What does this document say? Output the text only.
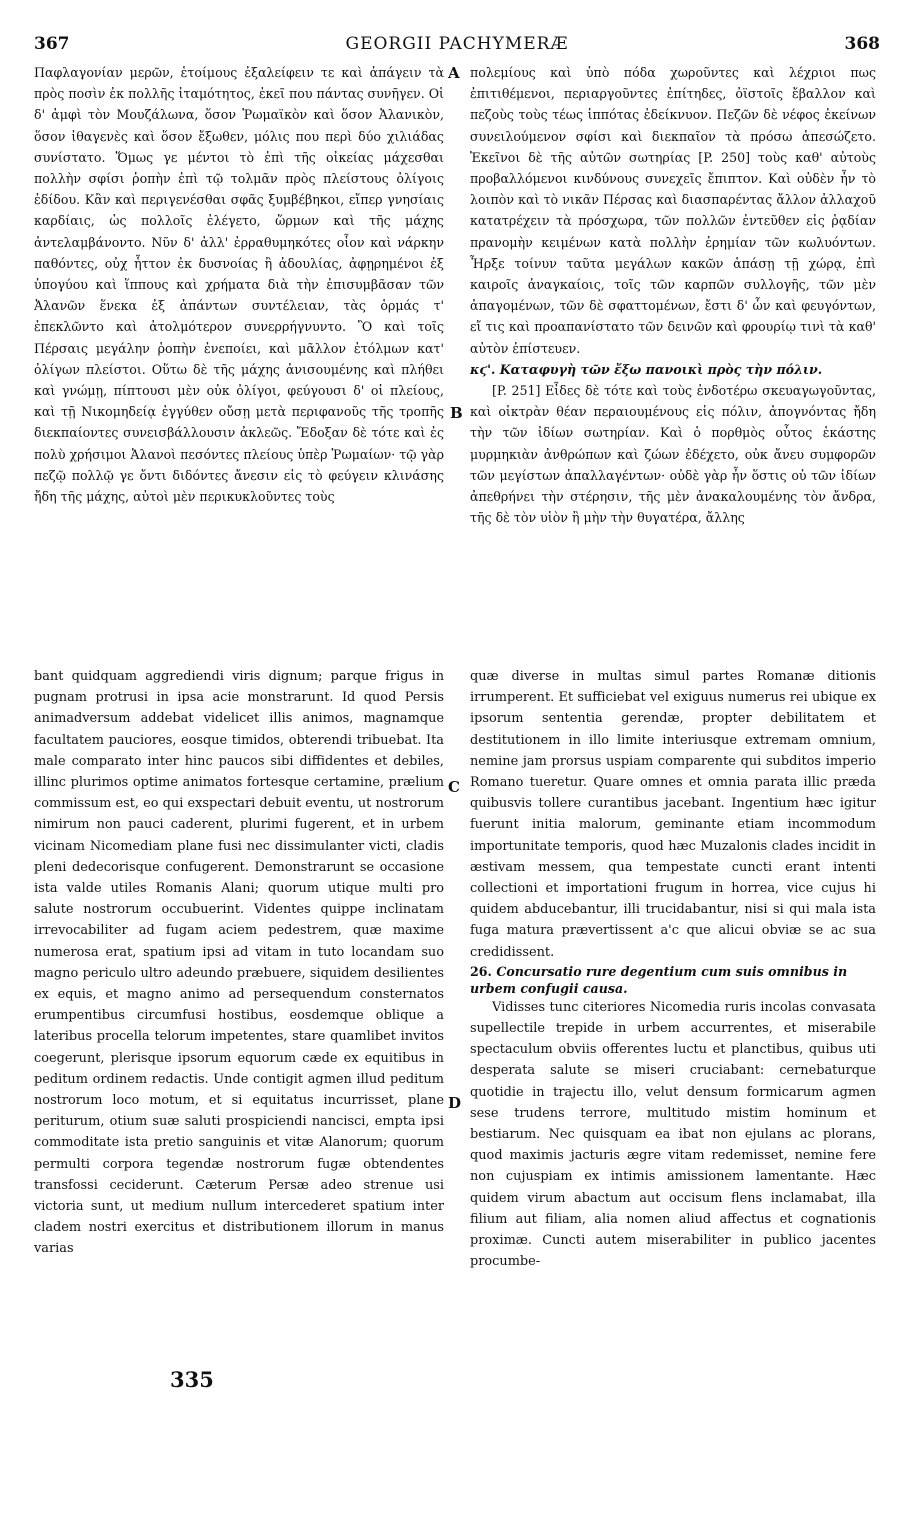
367	GEORGII PACHYMERÆ	368

Παφλαγονίαν μερῶν, ἑτοίμους ἐξαλείφειν τε καὶ ἀπάγειν τὰ πρὸς ποσὶν ἐκ πολλῆς ἰταμότητος, ἐκεῖ που πάντας συνῆγεν. Οἱ δ' ἀμφὶ τὸν Μουζάλωνα, ὅσον Ῥωμαϊκὸν καὶ ὅσον Ἀλανικὸν, ὅσον ἰθαγενὲς καὶ ὅσον ἔξωθεν, μόλις που περὶ δύο χιλιάδας συνίστατο. Ὅμως γε μέντοι τὸ ἐπὶ τῆς οἰκείας μάχεσθαι πολλὴν σφίσι ῥοπὴν ἐπὶ τῷ τολμᾶν πρὸς πλείστους ὀλίγοις ἐδίδου. Κἂν καὶ περιγενέσθαι σφᾶς ξυμβέβηκοι, εἴπερ γνησίαις καρδίαις, ὡς πολλοῖς ἐλέγετο, ὥρμων καὶ τῆς μάχης ἀντελαμβάνοντο. Νῦν δ' ἀλλ' ἐρραθυμηκότες οἷον καὶ νάρκην παθόντες, οὐχ ἧττον ἐκ δυσνοίας ἢ ἀδουλίας, ἀφῃρημένοι ἐξ ὑπογύου καὶ ἵππους καὶ χρήματα διὰ τὴν ἐπισυμβᾶσαν τῶν Ἀλανῶν ἕνεκα ἐξ ἁπάντων συντέλειαν, τὰς ὁρμάς τ' ἐπεκλῶντο καὶ ἀτολμότερον συνερρήγνυντο. Ὃ καὶ τοῖς Πέρσαις μεγάλην ῥοπὴν ἐνεποίει, καὶ μᾶλλον ἐτόλμων κατ' ὀλίγων πλείστοι. Οὕτω δὲ τῆς μάχης ἀνισουμένης καὶ πλήθει καὶ γνώμῃ, πίπτουσι μὲν οὐκ ὀλίγοι, φεύγουσι δ' οἱ πλείους, καὶ τῇ Νικομηδείᾳ ἐγγύθεν οὔσῃ μετὰ περιφανοῦς τῆς τροπῆς διεκπαίοντες συνεισβάλλουσιν ἀκλεῶς. Ἔδοξαν δὲ τότε καὶ ἐς πολὺ χρήσιμοι Ἀλανοὶ πεσόντες πλείους ὑπὲρ Ῥωμαίων· τῷ γὰρ πεζῷ πολλῷ γε ὄντι διδόντες ἄνεσιν εἰς τὸ φεύγειν κλινάσης ἤδη τῆς μάχης, αὐτοὶ μὲν περικυκλοῦντες τοὺς

πολεμίους καὶ ὑπὸ πόδα χωροῦντες καὶ λέχριοι πως ἐπιτιθέμενοι, περιαργοῦντες ἐπίτηδες, ὀϊστοῖς ἔβαλλον καὶ πεζοὺς τοὺς τέως ἱππότας ἐδείκνυον. Πεζῶν δὲ νέφος ἐκείνων συνειλούμενον σφίσι καὶ διεκπαῖον τὰ πρόσω ἀπεσώζετο. Ἐκεῖνοι δὲ τῆς αὐτῶν σωτηρίας [P. 250] τοὺς καθ' αὐτοὺς προβαλλόμενοι κινδύνους συνεχεῖς ἔπιπτον. Καὶ οὐδὲν ἦν τὸ λοιπὸν καὶ τὸ νικᾶν Πέρσας καὶ διασπαρέντας ἄλλον ἀλλαχοῦ κατατρέχειν τὰ πρόσχωρα, τῶν πολλῶν ἐντεῦθεν εἰς ῥᾳδίαν πρανομὴν κειμένων κατὰ πολλὴν ἐρημίαν τῶν κωλυόντων. Ἦρξε τοίνυν ταῦτα μεγάλων κακῶν ἁπάσῃ τῇ χώρᾳ, ἐπὶ καιροῖς ἀναγκαίοις, τοῖς τῶν καρπῶν συλλογῆς, τῶν μὲν ἀπαγομένων, τῶν δὲ σφαττομένων, ἔστι δ' ὧν καὶ φευγόντων, εἴ τις καὶ προαπανίστατο τῶν δεινῶν καὶ φρουρίῳ τινὶ τὰ καθ' αὐτὸν ἐπίστευεν.

κϛ'. Καταφυγὴ τῶν ἔξω πανοικὶ πρὸς τὴν πόλιν.

[P. 251] Εἶδες δὲ τότε καὶ τοὺς ἐνδοτέρω σκευαγωγοῦντας, καὶ οἰκτρὰν θέαν περαιουμένους εἰς πόλιν, ἀπογνόντας ἤδη τὴν τῶν ἰδίων σωτηρίαν. Καὶ ὁ πορθμὸς οὗτος ἑκάστης μυρμηκιὰν ἀνθρώπων καὶ ζώων ἐδέχετο, οὐκ ἄνευ συμφορῶν τῶν μεγίστων ἀπαλλαγέντων· οὐδὲ γὰρ ἦν ὅστις οὐ τῶν ἰδίων ἀπεθρήνει τὴν στέρησιν, τῆς μὲν ἀνακαλουμένης τὸν ἄνδρα, τῆς δὲ τὸν υἱὸν ἢ μὴν τὴν θυγατέρα, ἄλλης

bant quidquam aggrediendi viris dignum; parque frigus in pugnam protrusi in ipsa acie monstrarunt. Id quod Persis animadversum addebat videlicet illis animos, magnamque facultatem pauciores, eosque timidos, obterendi tribuebat. Ita male comparato inter hinc paucos sibi diffidentes et debiles, illinc plurimos optime animatos fortesque certamine, prælium commissum est, eo qui exspectari debuit eventu, ut nostrorum nimirum non pauci caderent, plurimi fugerent, et in urbem vicinam Nicomediam plane fusi nec dissimulanter victi, cladis pleni dedecorisque confugerent. Demonstrarunt se occasione ista valde utiles Romanis Alani; quorum utique multi pro salute nostrorum occubuerint. Videntes quippe inclinatam irrevocabiliter ad fugam aciem pedestrem, quæ maxime numerosa erat, spatium ipsi ad vitam in tuto locandam suo magno periculo ultro adeundo præbuere, siquidem desilientes ex equis, et magno animo ad persequendum consternatos erumpentibus circumfusi hostibus, eosdemque oblique a lateribus procella telorum impetentes, stare quamlibet invitos coegerunt, plerisque ipsorum equorum cæde ex equitibus in peditum ordinem redactis. Unde contigit agmen illud peditum nostrorum loco motum, et si equitatus incurrisset, plane periturum, otium suæ saluti prospiciendi nancisci, empta ipsi commoditate ista pretio sanguinis et vitæ Alanorum; quorum permulti corpora tegendæ nostrorum fugæ obtendentes transfossi ceciderunt. Cæterum Persæ adeo strenue usi victoria sunt, ut medium nullum intercederet spatium inter cladem nostri exercitus et distributionem illorum in manus varias

quæ diverse in multas simul partes Romanæ ditionis irrumperent. Et sufficiebat vel exiguus numerus rei ubique ex ipsorum sententia gerendæ, propter debilitatem et destitutionem in illo limite interiusque extremam omnium, nemine jam prorsus uspiam comparente qui subditos imperio Romano tueretur. Quare omnes et omnia parata illic præda quibusvis tollere curantibus jacebant. Ingentium hæc igitur fuerunt initia malorum, geminante etiam incommodum importunitate temporis, quod hæc Muzalonis clades incidit in æstivam messem, qua tempestate cuncti erant intenti collectioni et importationi frugum in horrea, vice cujus hi quidem abducebantur, illi trucidabantur, nisi si qui mala ista fuga matura prævertissent a'c que alicui obviæ se ac sua credidissent.

26. Concursatio rure degentium cum suis omnibus in urbem confugii causa.

Vidisses tunc citeriores Nicomedia ruris incolas convasata supellectile trepide in urbem accurrentes, et miserabile spectaculum obviis offerentes luctu et planctibus, quibus uti desperata salute se miseri cruciabant: cernebaturque quotidie in trajectu illo, velut densum formicarum agmen sese trudens terrore, multitudo mistim hominum et bestiarum. Nec quisquam ea ibat non ejulans ac plorans, quod maximis jacturis ægre vitam redemisset, nemine fere non cujuspiam ex intimis amissionem lamentante. Hæc quidem virum abactum aut occisum flens inclamabat, illa filium aut filiam, alia nomen aliud affectus et cognationis proximæ. Cuncti autem miserabiliter in publico jacentes procumbe-

A
B
C
D
335
